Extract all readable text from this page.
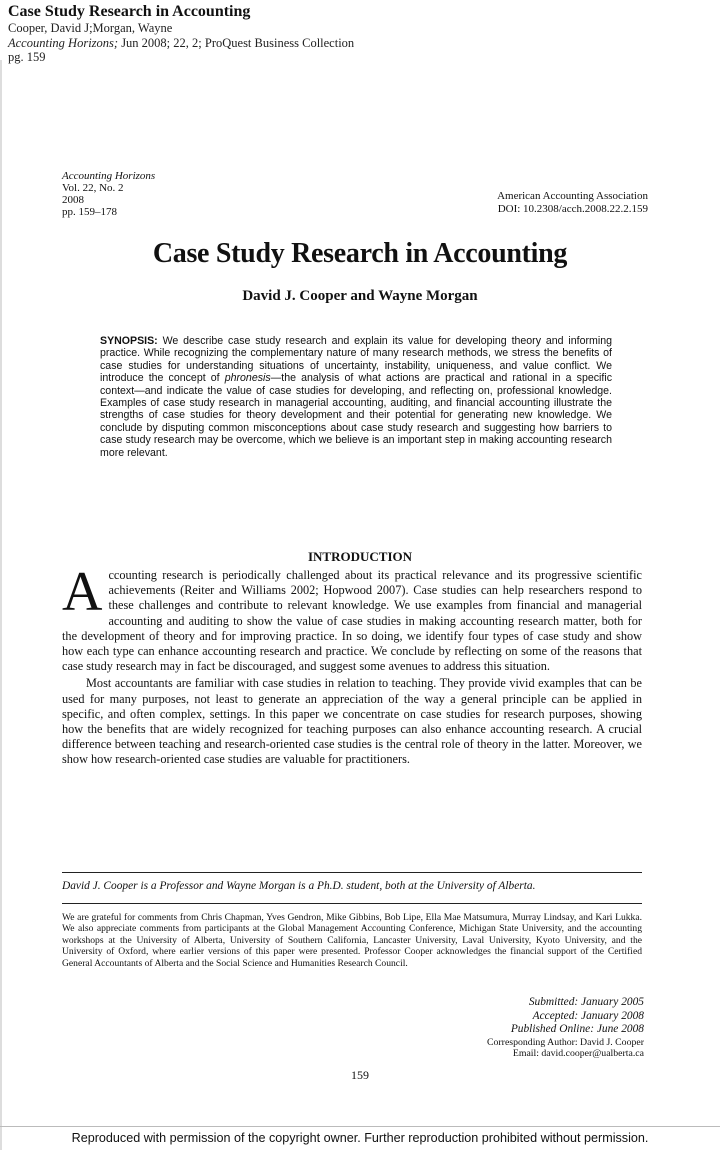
Case Study Research in Accounting
Cooper, David J;Morgan, Wayne
Accounting Horizons; Jun 2008; 22, 2; ProQuest Business Collection
pg. 159
Accounting Horizons
Vol. 22, No. 2
2008
pp. 159–178
American Accounting Association
DOI: 10.2308/acch.2008.22.2.159
Case Study Research in Accounting
David J. Cooper and Wayne Morgan
SYNOPSIS: We describe case study research and explain its value for developing theory and informing practice. While recognizing the complementary nature of many research methods, we stress the benefits of case studies for understanding situations of uncertainty, instability, uniqueness, and value conflict. We introduce the concept of phronesis—the analysis of what actions are practical and rational in a specific context—and indicate the value of case studies for developing, and reflecting on, professional knowledge. Examples of case study research in managerial accounting, auditing, and financial accounting illustrate the strengths of case studies for theory development and their potential for generating new knowledge. We conclude by disputing common misconceptions about case study research and suggesting how barriers to case study research may be overcome, which we believe is an important step in making accounting research more relevant.
INTRODUCTION

Accounting research is periodically challenged about its practical relevance and its progressive scientific achievements (Reiter and Williams 2002; Hopwood 2007). Case studies can help researchers respond to these challenges and contribute to relevant knowledge. We use examples from financial and managerial accounting and auditing to show the value of case studies in making accounting research matter, both for the development of theory and for improving practice. In so doing, we identify four types of case study and show how each type can enhance accounting research and practice. We conclude by reflecting on some of the reasons that case study research may in fact be discouraged, and suggest some avenues to address this situation.

Most accountants are familiar with case studies in relation to teaching. They provide vivid examples that can be used for many purposes, not least to generate an appreciation of the way a general principle can be applied in specific, and often complex, settings. In this paper we concentrate on case studies for research purposes, showing how the benefits that are widely recognized for teaching purposes can also enhance accounting research. A crucial difference between teaching and research-oriented case studies is the central role of theory in the latter. Moreover, we show how research-oriented case studies are valuable for practitioners.

David J. Cooper is a Professor and Wayne Morgan is a Ph.D. student, both at the University of Alberta.
We are grateful for comments from Chris Chapman, Yves Gendron, Mike Gibbins, Bob Lipe, Ella Mae Matsumura, Murray Lindsay, and Kari Lukka. We also appreciate comments from participants at the Global Management Accounting Conference, Michigan State University, and the accounting workshops at the University of Alberta, University of Southern California, Lancaster University, Laval University, Kyoto University, and the University of Oxford, where earlier versions of this paper were presented. Professor Cooper acknowledges the financial support of the Certified General Accountants of Alberta and the Social Science and Humanities Research Council.
Submitted: January 2005
Accepted: January 2008
Published Online: June 2008
Corresponding Author: David J. Cooper
Email: david.cooper@ualberta.ca
159
Reproduced with permission of the copyright owner. Further reproduction prohibited without permission.
